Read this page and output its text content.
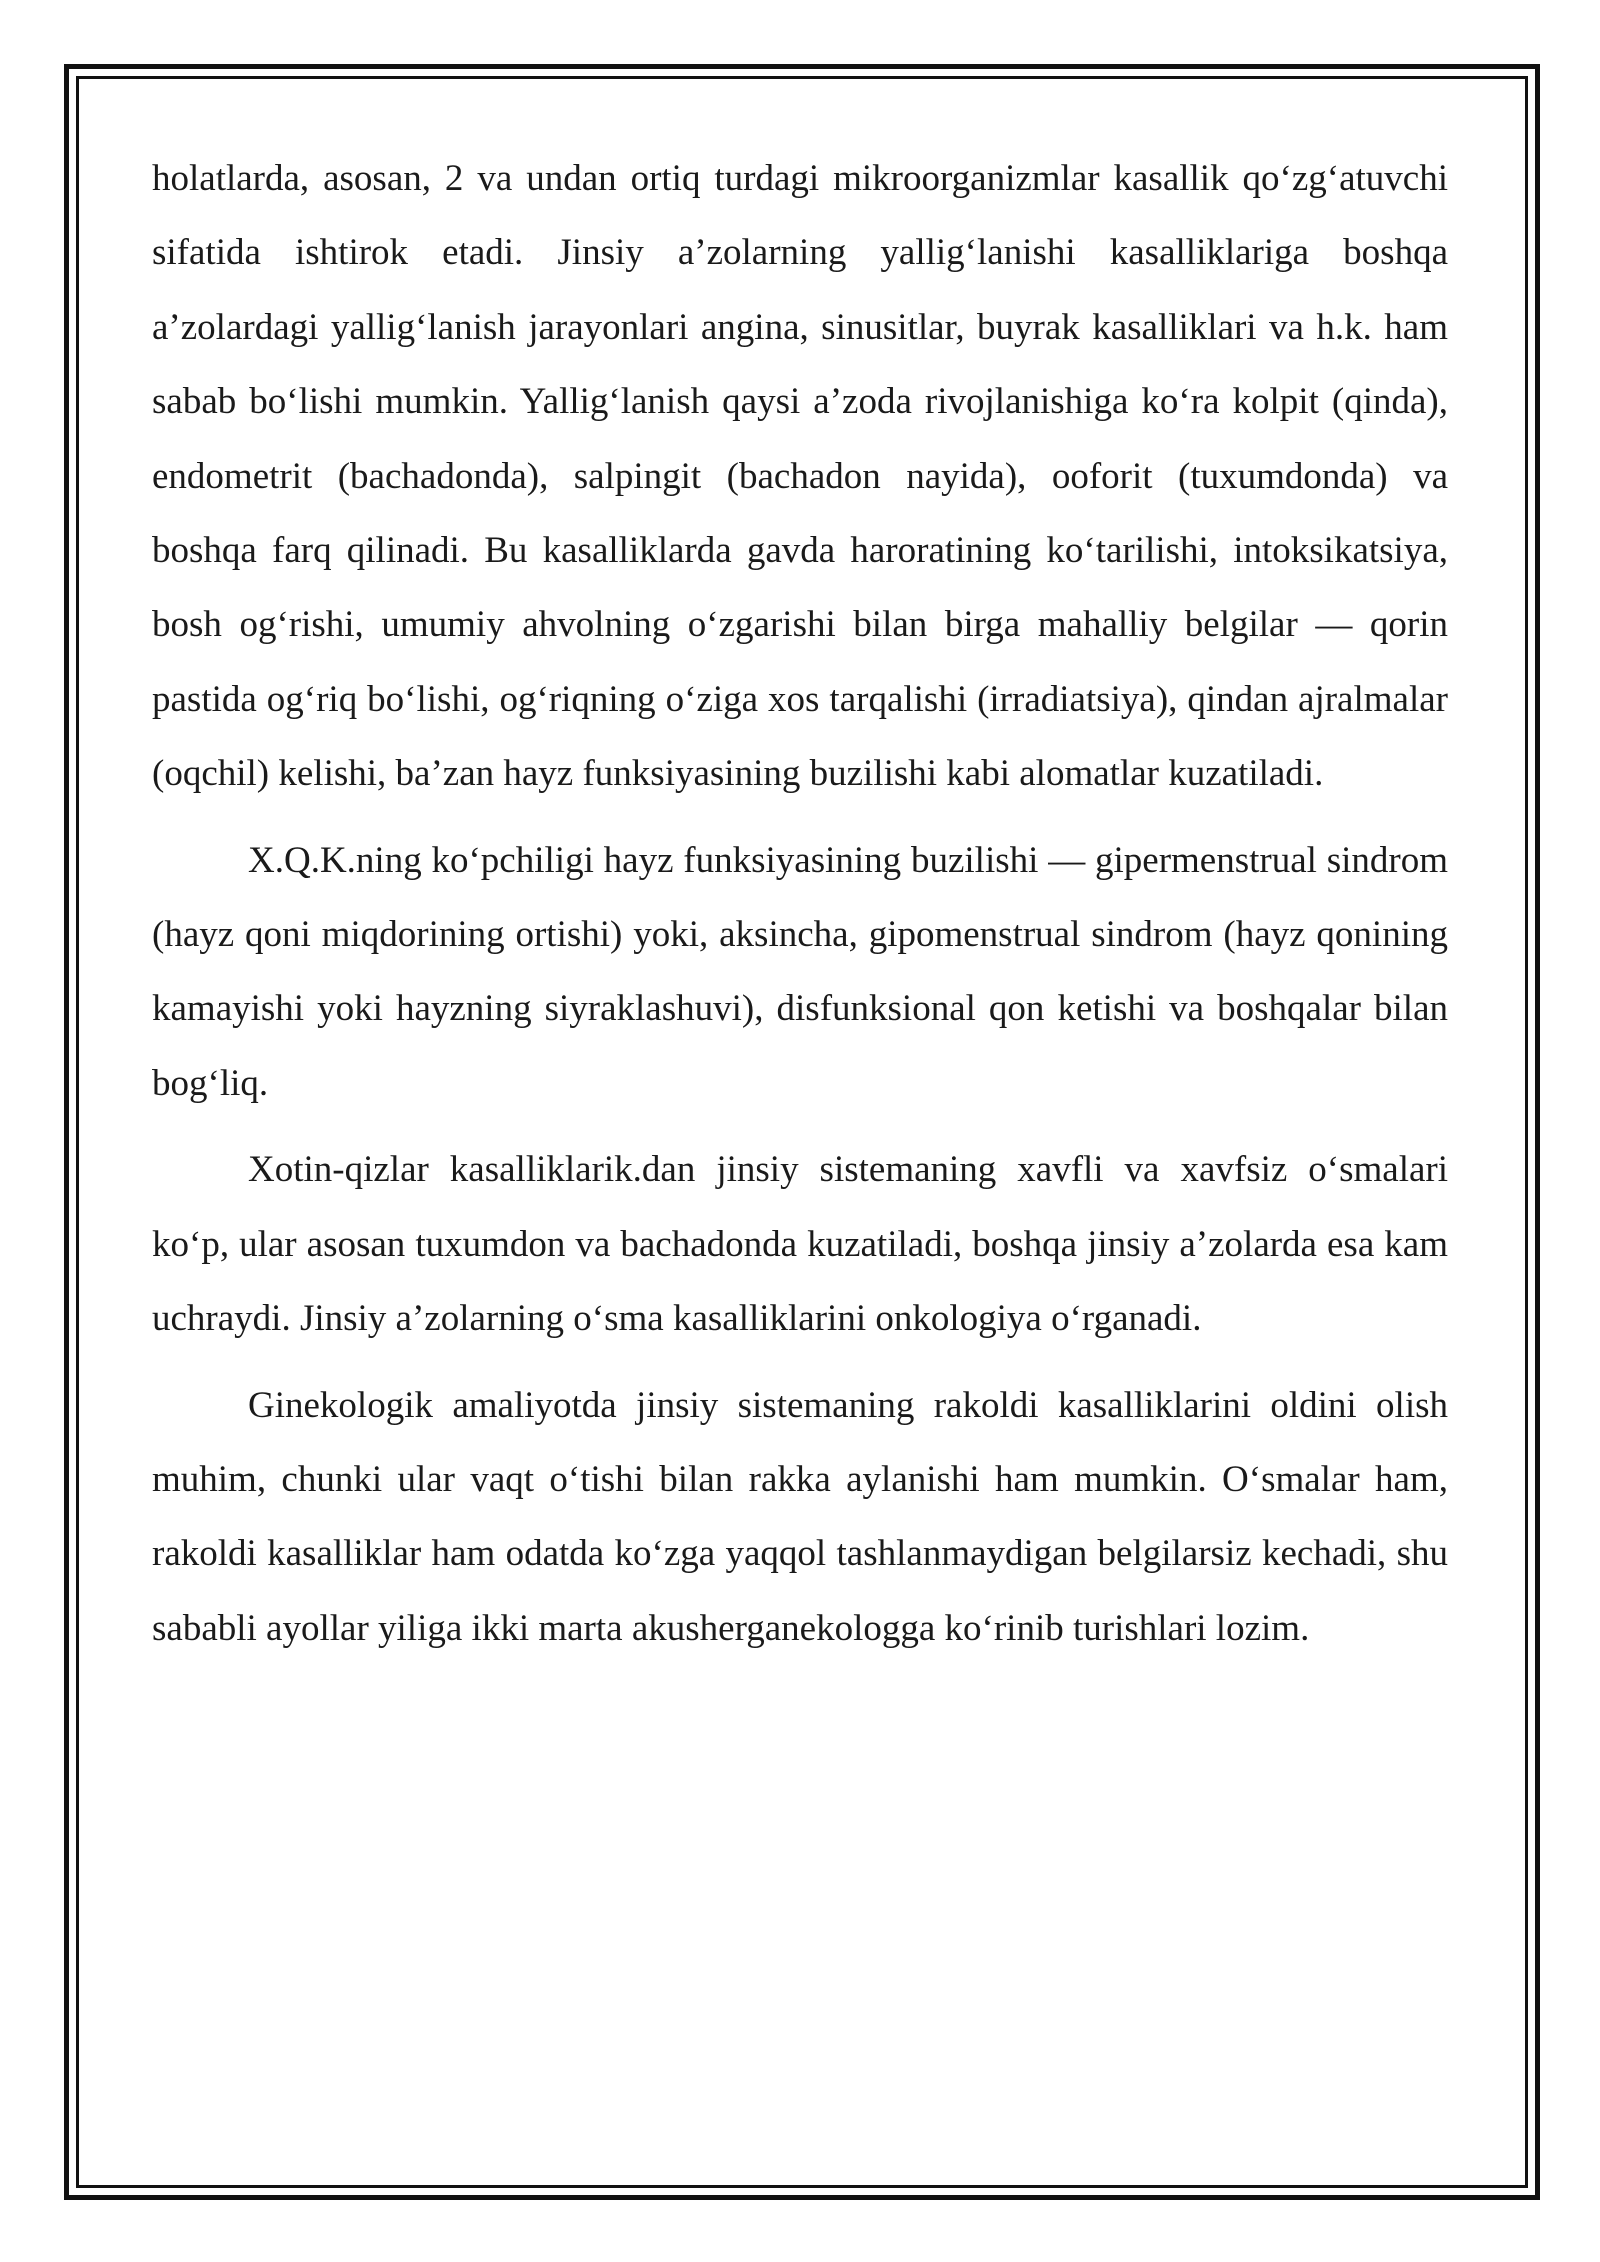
holatlarda, asosan, 2 va undan ortiq turdagi mikroorganizmlar kasallik qo‘zg‘atuvchi sifatida ishtirok etadi. Jinsiy a’zolarning yallig‘lanishi kasalliklariga boshqa a’zolardagi yallig‘lanish jarayonlari angina, sinusitlar, buyrak kasalliklari va h.k. ham sabab bo‘lishi mumkin. Yallig‘lanish qaysi a’zoda rivojlanishiga ko‘ra kolpit (qinda), endometrit (bachadonda), salpingit (bachadon nayida), ooforit (tuxumdonda) va boshqa farq qilinadi. Bu kasalliklarda gavda haroratining ko‘tarilishi, intoksikatsiya, bosh og‘rishi, umumiy ahvolning o‘zgarishi bilan birga mahalliy belgilar — qorin pastida og‘riq bo‘lishi, og‘riqning o‘ziga xos tarqalishi (irradiatsiya), qindan ajralmalar (oqchil) kelishi, ba’zan hayz funksiyasining buzilishi kabi alomatlar kuzatiladi.

X.Q.K.ning ko‘pchiligi hayz funksiyasining buzilishi — gipermenstrual sindrom (hayz qoni miqdorining ortishi) yoki, aksincha, gipomenstrual sindrom (hayz qonining kamayishi yoki hayzning siyraklashuvi), disfunksional qon ketishi va boshqalar bilan bog‘liq.

Xotin-qizlar kasalliklarik.dan jinsiy sistemaning xavfli va xavfsiz o‘smalari ko‘p, ular asosan tuxumdon va bachadonda kuzatiladi, boshqa jinsiy a’zolarda esa kam uchraydi. Jinsiy a’zolarning o‘sma kasalliklarini onkologiya o‘rganadi.

Ginekologik amaliyotda jinsiy sistemaning rakoldi kasalliklarini oldini olish muhim, chunki ular vaqt o‘tishi bilan rakka aylanishi ham mumkin. O‘smalar ham, rakoldi kasalliklar ham odatda ko‘zga yaqqol tashlanmaydigan belgilarsiz kechadi, shu sababli ayollar yiliga ikki marta akusherganekologga ko‘rinib turishlari lozim.
